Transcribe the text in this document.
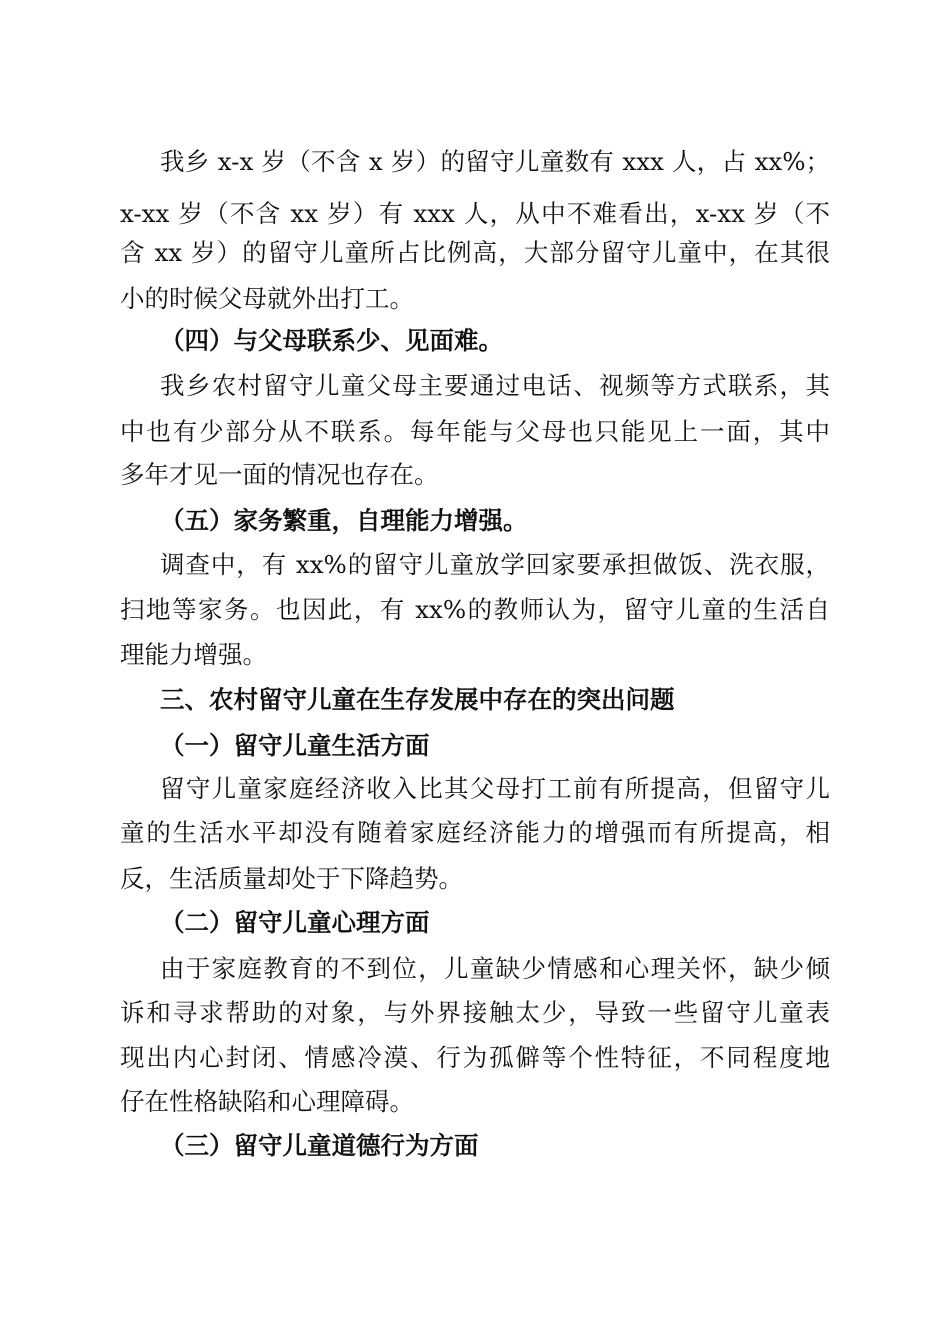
我乡 x-x 岁（不含 x 岁）的留守儿童数有 xxx 人，占 xx%；

x-xx 岁（不含 xx 岁）有 xxx 人，从中不难看出，x-xx 岁（不

含 xx 岁）的留守儿童所占比例高，大部分留守儿童中，在其很

小的时候父母就外出打工。

（四）与父母联系少、见面难。

我乡农村留守儿童父母主要通过电话、视频等方式联系，其

中也有少部分从不联系。每年能与父母也只能见上一面，其中

多年才见一面的情况也存在。

（五）家务繁重，自理能力增强。

调查中，有 xx%的留守儿童放学回家要承担做饭、洗衣服，

扫地等家务。也因此，有 xx%的教师认为，留守儿童的生活自

理能力增强。

三、农村留守儿童在生存发展中存在的突出问题

（一）留守儿童生活方面

留守儿童家庭经济收入比其父母打工前有所提高，但留守儿

童的生活水平却没有随着家庭经济能力的增强而有所提高，相

反，生活质量却处于下降趋势。

（二）留守儿童心理方面

由于家庭教育的不到位，儿童缺少情感和心理关怀，缺少倾

诉和寻求帮助的对象，与外界接触太少，导致一些留守儿童表

现出内心封闭、情感冷漠、行为孤僻等个性特征，不同程度地

仔在性格缺陷和心理障碍。

（三）留守儿童道德行为方面
